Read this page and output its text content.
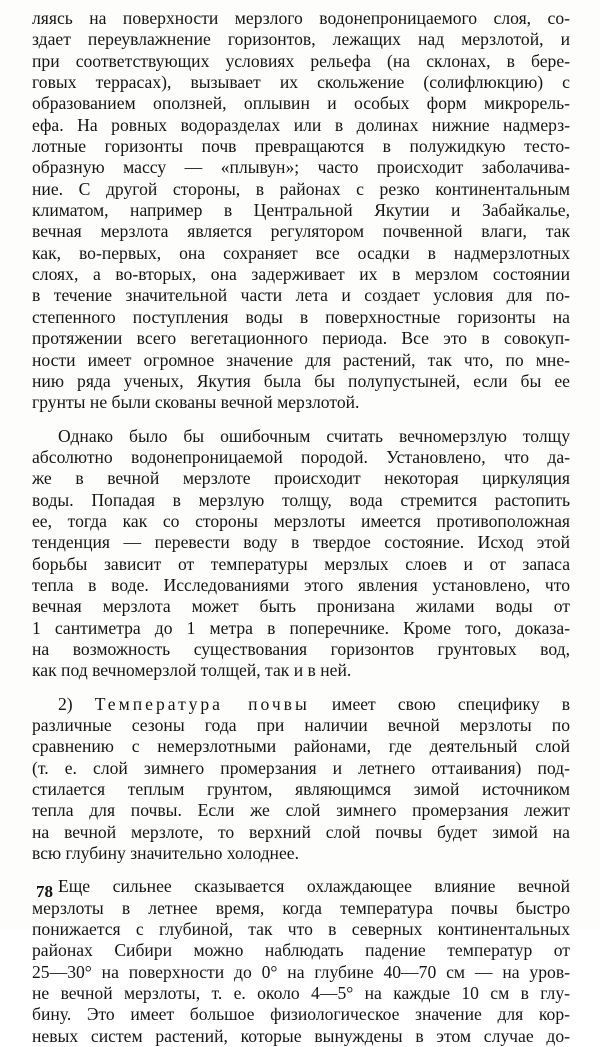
ляясь на поверхности мерзлого водонепроницаемого слоя, со-
здает переувлажнение горизонтов, лежащих над мерзлотой, и
при соответствующих условиях рельефа (на склонах, в бере-
говых террасах), вызывает их скольжение (солифлюкцию) с
образованием оползней, оплывин и особых форм микрорель-
ефа. На ровных водоразделах или в долинах нижние надмерз-
лотные горизонты почв превращаются в полужидкую тесто-
образную массу — «плывун»; часто происходит заболачива-
ние. С другой стороны, в районах с резко континентальным
климатом, например в Центральной Якутии и Забайкалье,
вечная мерзлота является регулятором почвенной влаги, так
как, во-первых, она сохраняет все осадки в надмерзлотных
слоях, а во-вторых, она задерживает их в мерзлом состоянии
в течение значительной части лета и создает условия для по-
степенного поступления воды в поверхностные горизонты на
протяжении всего вегетационного периода. Все это в совокуп-
ности имеет огромное значение для растений, так что, по мне-
нию ряда ученых, Якутия была бы полупустыней, если бы ее
грунты не были скованы вечной мерзлотой.
Однако было бы ошибочным считать вечномерзлую толщу
абсолютно водонепроницаемой породой. Установлено, что да-
же в вечной мерзлоте происходит некоторая циркуляция
воды. Попадая в мерзлую толщу, вода стремится растопить
ее, тогда как со стороны мерзлоты имеется противоположная
тенденция — перевести воду в твердое состояние. Исход этой
борьбы зависит от температуры мерзлых слоев и от запаса
тепла в воде. Исследованиями этого явления установлено, что
вечная мерзлота может быть пронизана жилами воды от
1 сантиметра до 1 метра в поперечнике. Кроме того, доказа-
на возможность существования горизонтов грунтовых вод,
как под вечномерзлой толщей, так и в ней.
2) Температура почвы имеет свою специфику в
различные сезоны года при наличии вечной мерзлоты по
сравнению с немерзлотными районами, где деятельный слой
(т. е. слой зимнего промерзания и летнего оттаивания) под-
стилается теплым грунтом, являющимся зимой источником
тепла для почвы. Если же слой зимнего промерзания лежит
на вечной мерзлоте, то верхний слой почвы будет зимой на
всю глубину значительно холоднее.
Еще сильнее сказывается охлаждающее влияние вечной
мерзлоты в летнее время, когда температура почвы быстро
понижается с глубиной, так что в северных континентальных
районах Сибири можно наблюдать падение температур от
25—30° на поверхности до 0° на глубине 40—70 см — на уров-
не вечной мерзлоты, т. е. около 4—5° на каждые 10 см в глу-
бину. Это имеет большое физиологическое значение для кор-
невых систем растений, которые вынуждены в этом случае до-
78
